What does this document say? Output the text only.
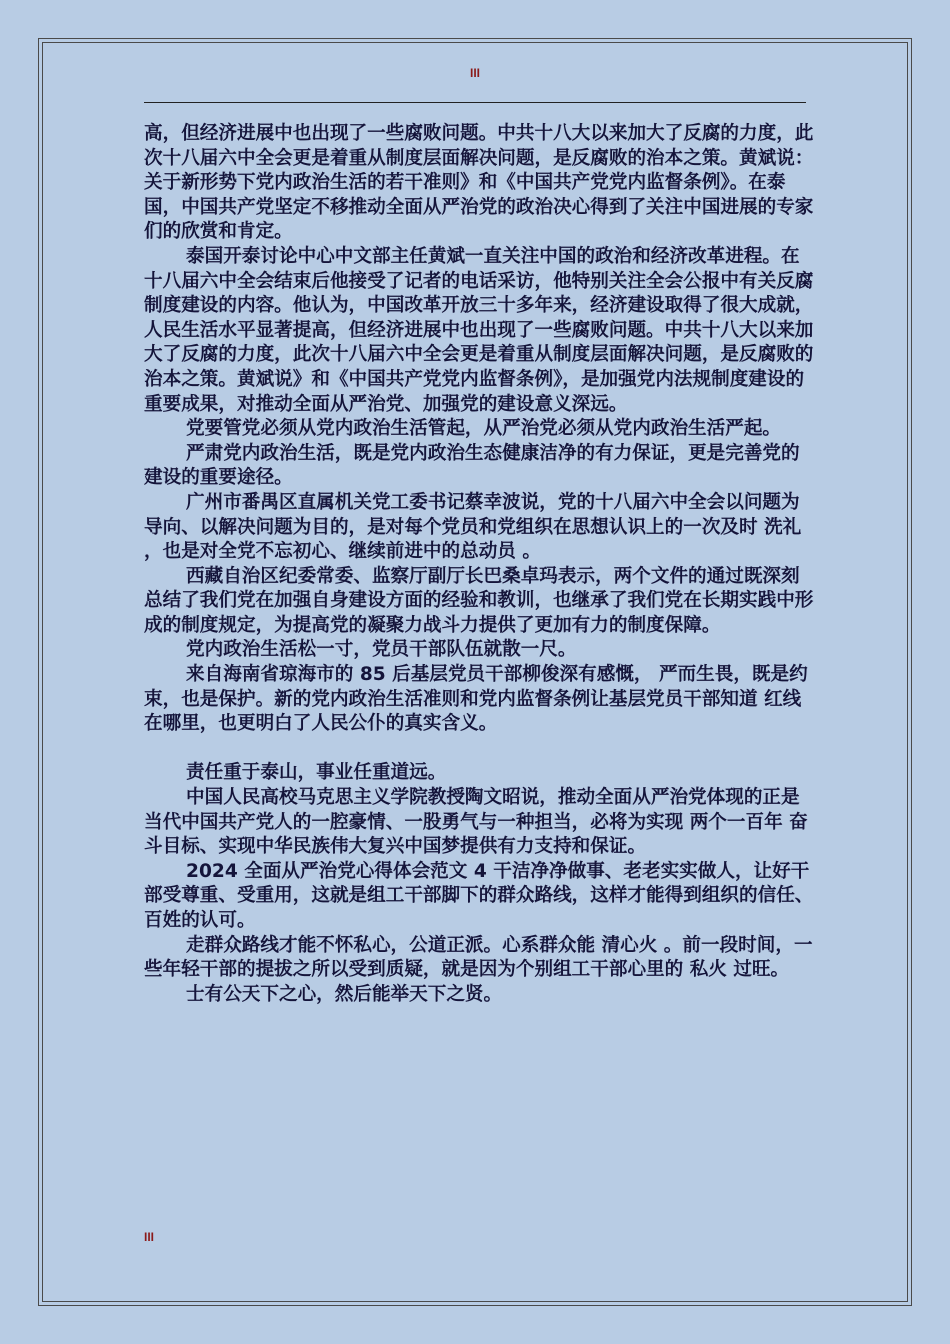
III

高，但经济进展中也出现了一些腐败问题。中共十八大以来加大了反腐的力度，此次十八届六中全会更是着重从制度层面解决问题，是反腐败的治本之策。黄斌说：关于新形势下党内政治生活的若干准则》和《中国共产党党内监督条例》。在泰国，中国共产党坚定不移推动全面从严治党的政治决心得到了关注中国进展的专家们的欣赏和肯定。

泰国开泰讨论中心中文部主任黄斌一直关注中国的政治和经济改革进程。在十八届六中全会结束后他接受了记者的电话采访，他特别关注全会公报中有关反腐制度建设的内容。他认为，中国改革开放三十多年来，经济建设取得了很大成就，人民生活水平显著提高，但经济进展中也出现了一些腐败问题。中共十八大以来加大了反腐的力度，此次十八届六中全会更是着重从制度层面解决问题，是反腐败的治本之策。黄斌说》和《中国共产党党内监督条例》，是加强党内法规制度建设的重要成果，对推动全面从严治党、加强党的建设意义深远。

党要管党必须从党内政治生活管起，从严治党必须从党内政治生活严起。

严肃党内政治生活，既是党内政治生态健康洁净的有力保证，更是完善党的建设的重要途径。

广州市番禺区直属机关党工委书记蔡幸波说，党的十八届六中全会以问题为导向、以解决问题为目的，是对每个党员和党组织在思想认识上的一次及时 洗礼 ，也是对全党不忘初心、继续前进中的总动员 。

西藏自治区纪委常委、监察厅副厅长巴桑卓玛表示，两个文件的通过既深刻总结了我们党在加强自身建设方面的经验和教训，也继承了我们党在长期实践中形成的制度规定，为提高党的凝聚力战斗力提供了更加有力的制度保障。

党内政治生活松一寸，党员干部队伍就散一尺。

来自海南省琼海市的 85 后基层党员干部柳俊深有感慨， 严而生畏，既是约束，也是保护。新的党内政治生活准则和党内监督条例让基层党员干部知道 红线 在哪里，也更明白了人民公仆的真实含义。

责任重于泰山，事业任重道远。

中国人民高校马克思主义学院教授陶文昭说，推动全面从严治党体现的正是当代中国共产党人的一腔豪情、一股勇气与一种担当，必将为实现 两个一百年 奋斗目标、实现中华民族伟大复兴中国梦提供有力支持和保证。

2024 全面从严治党心得体会范文 4 干洁净净做事、老老实实做人，让好干部受尊重、受重用，这就是组工干部脚下的群众路线，这样才能得到组织的信任、百姓的认可。

走群众路线才能不怀私心，公道正派。心系群众能 清心火 。前一段时间，一些年轻干部的提拔之所以受到质疑，就是因为个别组工干部心里的 私火 过旺。

士有公天下之心，然后能举天下之贤。

III
